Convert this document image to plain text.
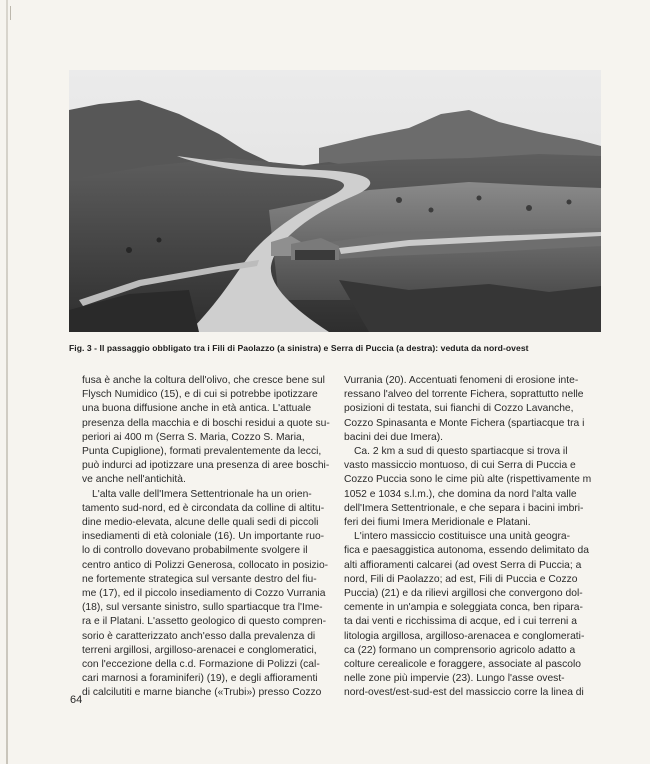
Fig. 3 - Il passaggio obbligato tra i Fili di Paolazzo (a sinistra) e Serra di Puccia (a destra): veduta da nord-ovest
fusa è anche la coltura dell'olivo, che cresce bene sul
Flysch Numidico (15), e di cui si potrebbe ipotizzare
una buona diffusione anche in età antica. L'attuale
presenza della macchia e di boschi residui a quote su-
periori ai 400 m (Serra S. Maria, Cozzo S. Maria,
Punta Cupiglione), formati prevalentemente da lecci,
può indurci ad ipotizzare una presenza di aree boschi-
ve anche nell'antichità.
L'alta valle dell'Imera Settentrionale ha un orien-
tamento sud-nord, ed è circondata da colline di altitu-
dine medio-elevata, alcune delle quali sedi di piccoli
insediamenti di età coloniale (16). Un importante ruo-
lo di controllo dovevano probabilmente svolgere il
centro antico di Polizzi Generosa, collocato in posizio-
ne fortemente strategica sul versante destro del fiu-
me (17), ed il piccolo insediamento di Cozzo Vurrania
(18), sul versante sinistro, sullo spartiacque tra l'Ime-
ra e il Platani. L'assetto geologico di questo compren-
sorio è caratterizzato anch'esso dalla prevalenza di
terreni argillosi, argilloso-arenacei e conglomeratici,
con l'eccezione della c.d. Formazione di Polizzi (cal-
cari marnosi a foraminiferi) (19), e degli affioramenti
di calcilutiti e marne bianche («Trubi») presso Cozzo
Vurrania (20). Accentuati fenomeni di erosione inte-
ressano l'alveo del torrente Fichera, soprattutto nelle
posizioni di testata, sui fianchi di Cozzo Lavanche,
Cozzo Spinasanta e Monte Fichera (spartiacque tra i
bacini dei due Imera).
Ca. 2 km a sud di questo spartiacque si trova il
vasto massiccio montuoso, di cui Serra di Puccia e
Cozzo Puccia sono le cime più alte (rispettivamente m
1052 e 1034 s.l.m.), che domina da nord l'alta valle
dell'Imera Settentrionale, e che separa i bacini imbri-
feri dei fiumi Imera Meridionale e Platani.
L'intero massiccio costituisce una unità geogra-
fica e paesaggistica autonoma, essendo delimitato da
alti affioramenti calcarei (ad ovest Serra di Puccia; a
nord, Fili di Paolazzo; ad est, Fili di Puccia e Cozzo
Puccia) (21) e da rilievi argillosi che convergono dol-
cemente in un'ampia e soleggiata conca, ben ripara-
ta dai venti e ricchissima di acque, ed i cui terreni a
litologia argillosa, argilloso-arenacea e conglomerati-
ca (22) formano un comprensorio agricolo adatto a
colture cerealicole e foraggere, associate al pascolo
nelle zone più impervie (23). Lungo l'asse ovest-
nord-ovest/est-sud-est del massiccio corre la linea di
64
